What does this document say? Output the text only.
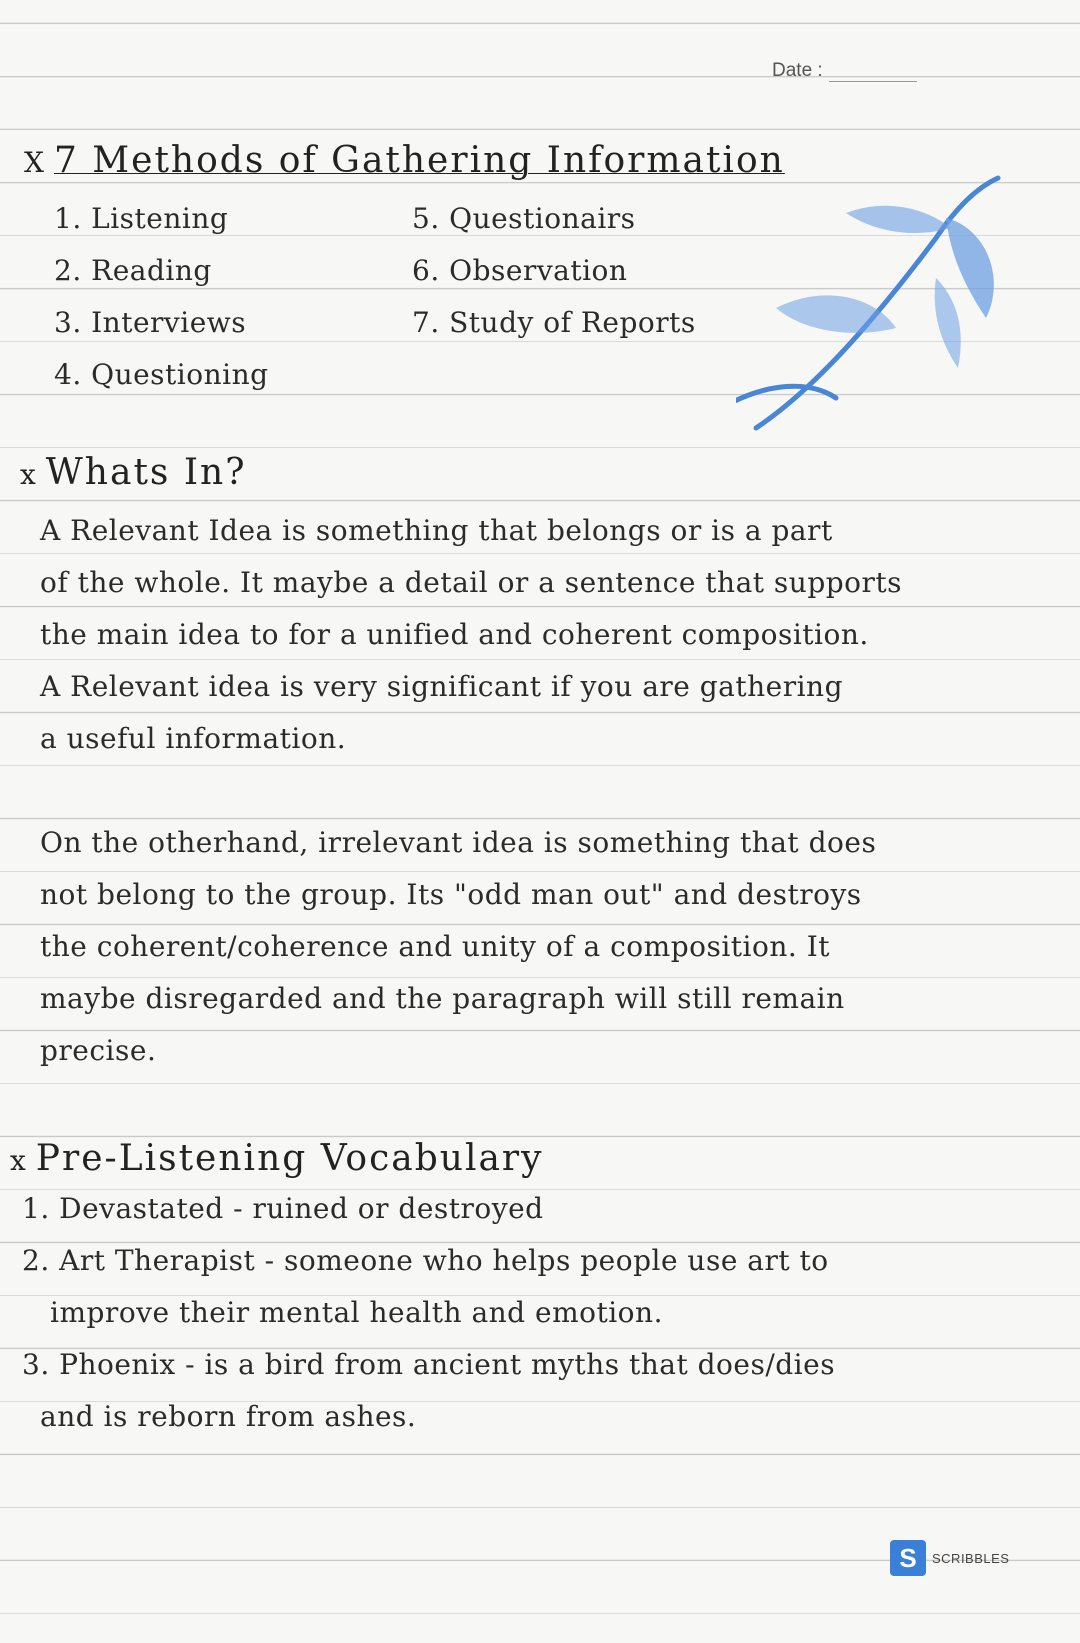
Date :
X 7 Methods of Gathering Information
1. Listening
2. Reading
3. Interviews
4. Questioning
5. Questionairs
6. Observation
7. Study of Reports
x Whats In?
A Relevant Idea is something that belongs or is a part
of the whole. It maybe a detail or a sentence that supports
the main idea to for a unified and coherent composition.
A Relevant idea is very significant if you are gathering
a useful information.
On the otherhand, irrelevant idea is something that does
not belong to the group. Its "odd man out" and destroys
the coherent/coherence and unity of a composition. It
maybe disregarded and the paragraph will still remain
precise.
x Pre-Listening Vocabulary
1. Devastated - ruined or destroyed
2. Art Therapist - someone who helps people use art to
improve their mental health and emotion.
3. Phoenix - is a bird from ancient myths that does/dies
and is reborn from ashes.
S	SCRIBBLES
